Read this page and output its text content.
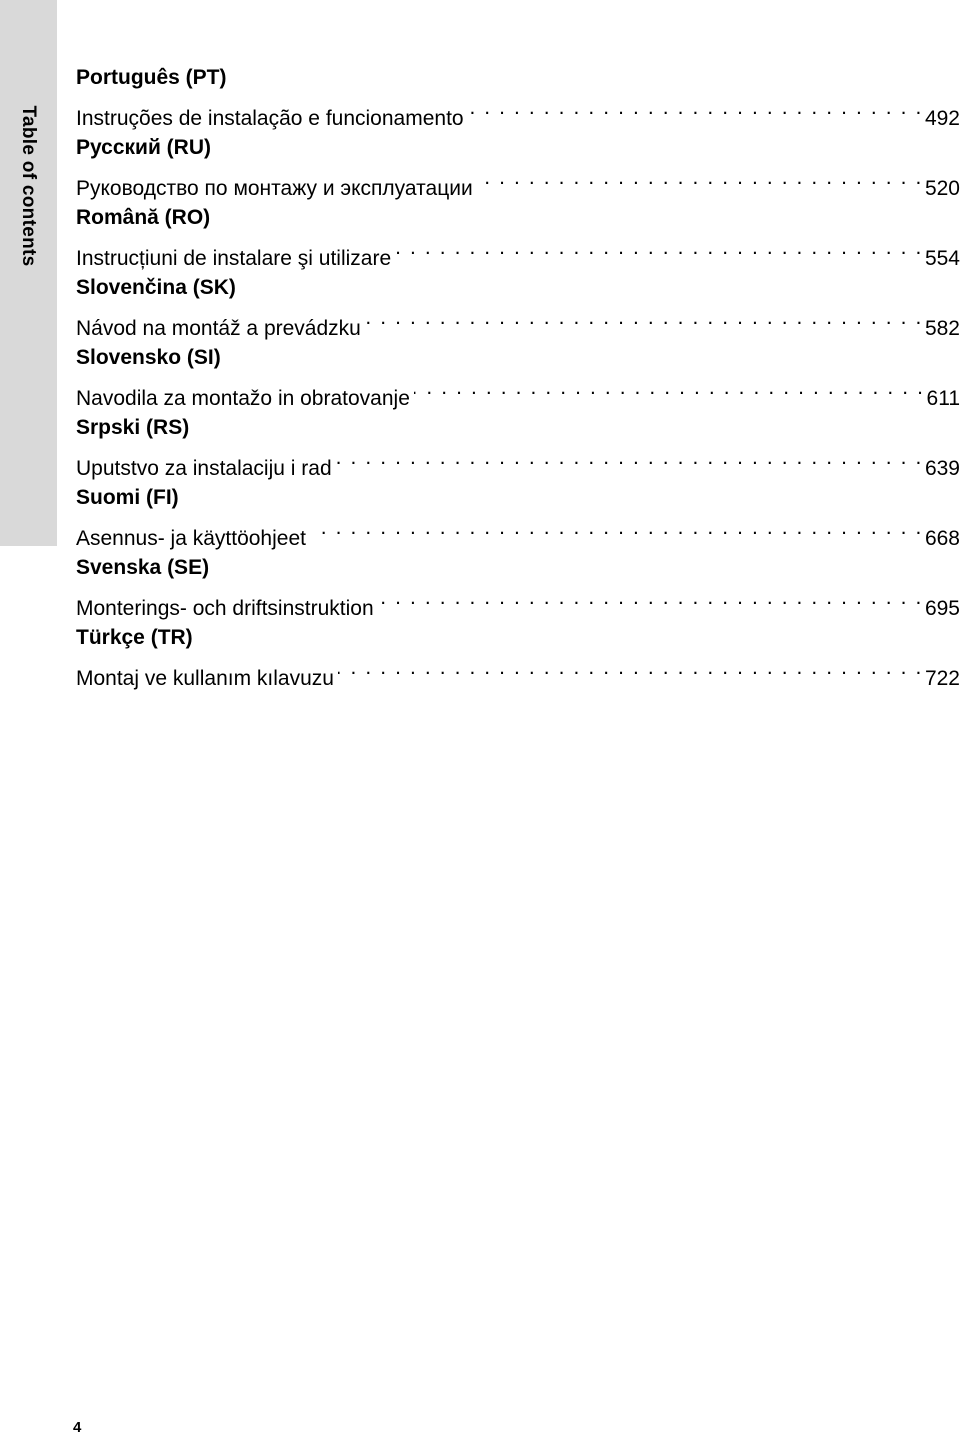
Table of contents
Português (PT)
Instruções de instalação e funcionamento . . .	492
Русский (RU)
Руководство по монтажу и эксплуатации . . .	520
Română (RO)
Instrucțiuni de instalare şi utilizare . . .	554
Slovenčina (SK)
Návod na montáž a prevádzku . . .	582
Slovensko (SI)
Navodila za montažo in obratovanje . . .	611
Srpski (RS)
Uputstvo za instalaciju i rad . . .	639
Suomi (FI)
Asennus- ja käyttöohjeet . . .	668
Svenska (SE)
Monterings- och driftsinstruktion . . .	695
Türkçe (TR)
Montaj ve kullanım kılavuzu . . .	722
4
